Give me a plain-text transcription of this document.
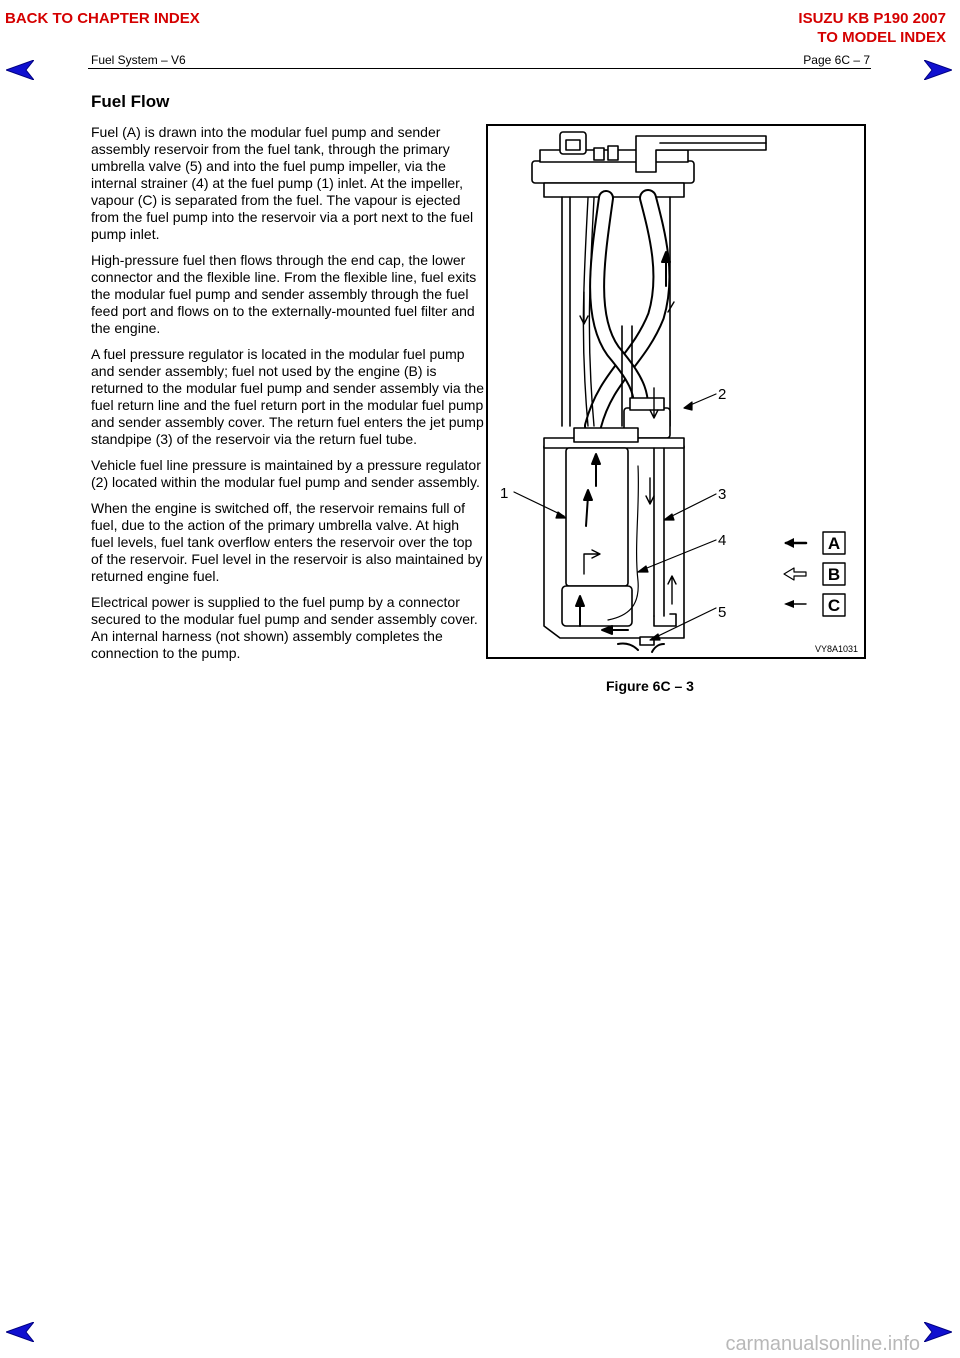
BACK TO CHAPTER INDEX	ISUZU KB P190 2007
TO MODEL INDEX
Fuel System – V6	Page 6C – 7
Fuel Flow

Fuel (A) is drawn into the modular fuel pump and sender assembly reservoir from the fuel tank, through the primary umbrella valve (5) and into the fuel pump impeller, via the internal strainer (4) at the fuel pump (1) inlet. At the impeller, vapour (C) is separated from the fuel. The vapour is ejected from the fuel pump into the reservoir via a port next to the fuel pump inlet.

High-pressure fuel then flows through the end cap, the lower connector and the flexible line. From the flexible line, fuel exits the modular fuel pump and sender assembly through the fuel feed port and flows on to the externally-mounted fuel filter and the engine.

A fuel pressure regulator is located in the modular fuel pump and sender assembly; fuel not used by the engine (B) is returned to the modular fuel pump and sender assembly via the fuel return line and the fuel return port in the modular fuel pump and sender assembly cover. The return fuel enters the jet pump standpipe (3) of the reservoir via the return fuel tube.

Vehicle fuel line pressure is maintained by a pressure regulator (2) located within the modular fuel pump and sender assembly.

When the engine is switched off, the reservoir remains full of fuel, due to the action of the primary umbrella valve. At high fuel levels, fuel tank overflow enters the reservoir over the top of the reservoir. Fuel level in the reservoir is also maintained by returned engine fuel.

Electrical power is supplied to the fuel pump by a connector secured to the modular fuel pump and sender assembly cover. An internal harness (not shown) assembly completes the connection to the pump.

1
2
3
4
5
A
B
C
VY8A1031
Figure 6C – 3
carmanualsonline.info
